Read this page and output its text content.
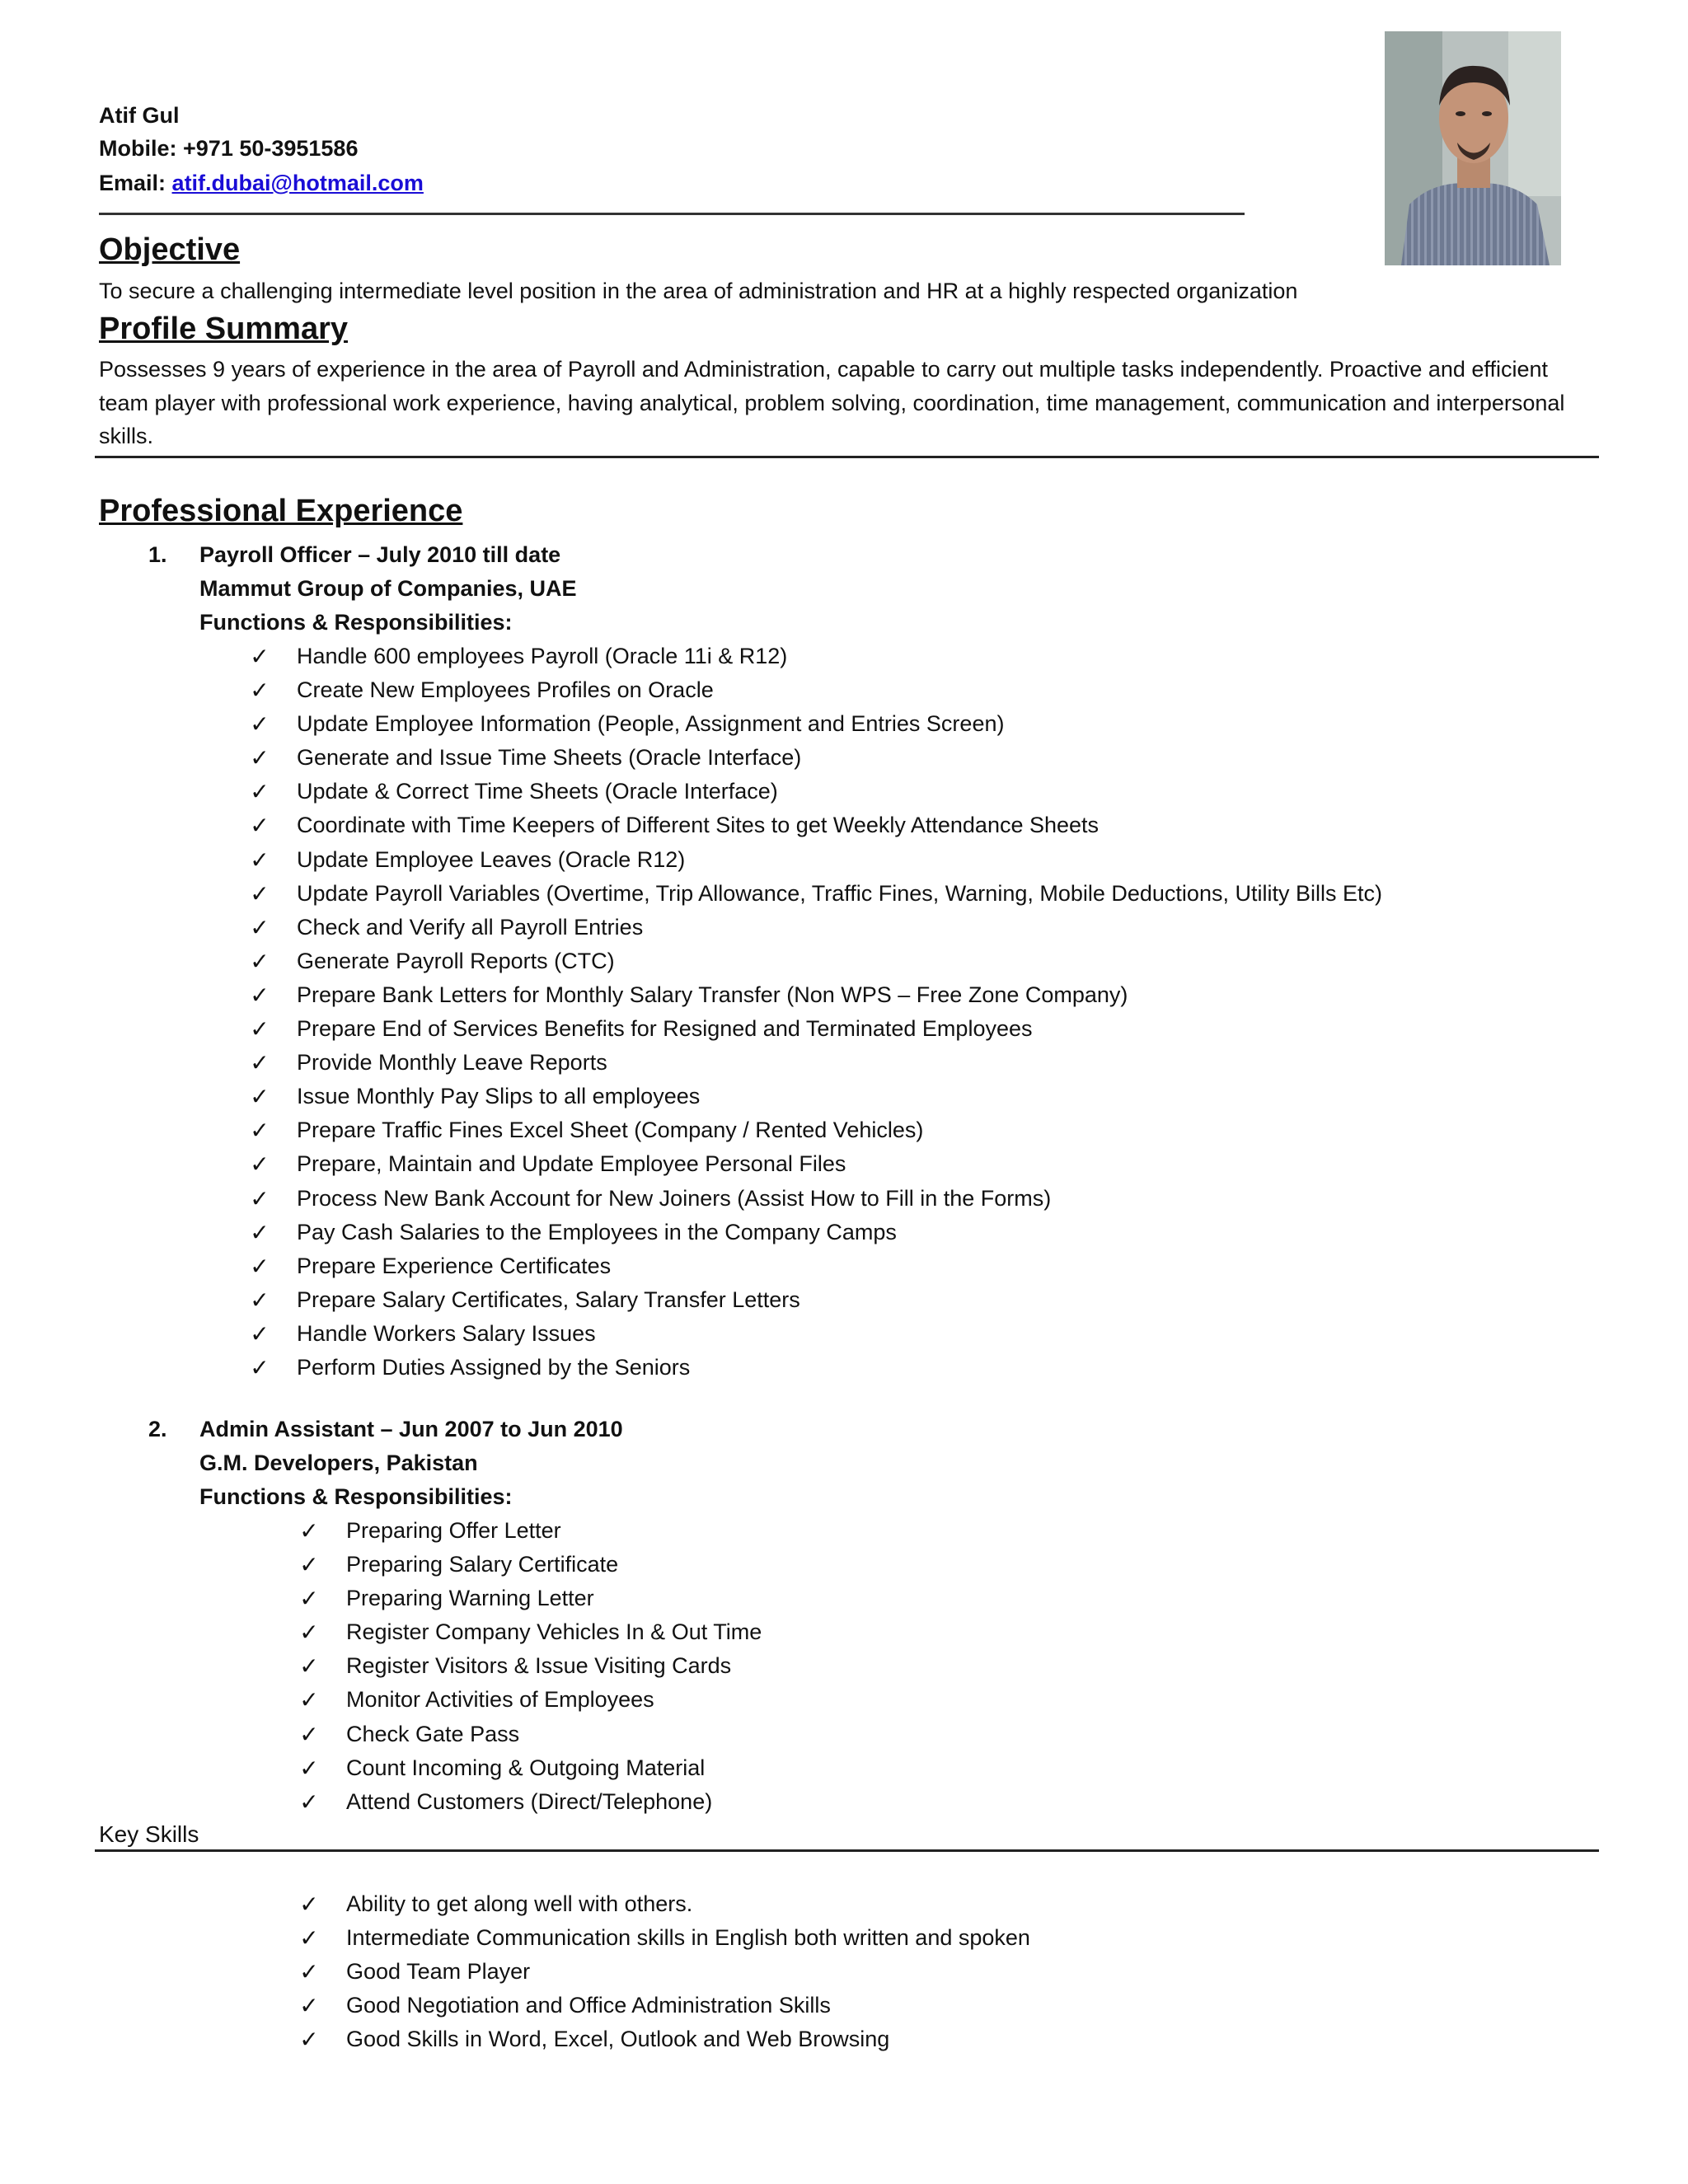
Atif Gul
Mobile: +971 50-3951586
Email: atif.dubai@hotmail.com
Objective
To secure a challenging intermediate level position in the area of administration and HR at a highly respected organization
Profile Summary
Possesses 9 years of experience in the area of Payroll and Administration, capable to carry out multiple tasks independently. Proactive and efficient team player with professional work experience, having analytical, problem solving, coordination, time management, communication and interpersonal skills.
Professional Experience
1. Payroll Officer – July 2010 till date
Mammut Group of Companies, UAE
Functions & Responsibilities:
✓ Handle 600 employees Payroll (Oracle 11i & R12)
✓ Create New Employees Profiles on Oracle
✓ Update Employee Information (People, Assignment and Entries Screen)
✓ Generate and Issue Time Sheets (Oracle Interface)
✓ Update & Correct Time Sheets (Oracle Interface)
✓ Coordinate with Time Keepers of Different Sites to get Weekly Attendance Sheets
✓ Update Employee Leaves (Oracle R12)
✓ Update Payroll Variables (Overtime, Trip Allowance, Traffic Fines, Warning, Mobile Deductions, Utility Bills Etc)
✓ Check and Verify all Payroll Entries
✓ Generate Payroll Reports (CTC)
✓ Prepare Bank Letters for Monthly Salary Transfer (Non WPS – Free Zone Company)
✓ Prepare End of Services Benefits for Resigned and Terminated Employees
✓ Provide Monthly Leave Reports
✓ Issue Monthly Pay Slips to all employees
✓ Prepare Traffic Fines Excel Sheet (Company / Rented Vehicles)
✓ Prepare, Maintain and Update Employee Personal Files
✓ Process New Bank Account for New Joiners (Assist How to Fill in the Forms)
✓ Pay Cash Salaries to the Employees in the Company Camps
✓ Prepare Experience Certificates
✓ Prepare Salary Certificates, Salary Transfer Letters
✓ Handle Workers Salary Issues
✓ Perform Duties Assigned by the Seniors
2. Admin Assistant – Jun 2007 to Jun 2010
G.M. Developers, Pakistan
Functions & Responsibilities:
✓ Preparing Offer Letter
✓ Preparing Salary Certificate
✓ Preparing Warning Letter
✓ Register Company Vehicles In & Out Time
✓ Register Visitors & Issue Visiting Cards
✓ Monitor Activities of Employees
✓ Check Gate Pass
✓ Count Incoming & Outgoing Material
✓ Attend Customers (Direct/Telephone)
Key Skills
✓ Ability to get along well with others.
✓ Intermediate Communication skills in English both written and spoken
✓ Good Team Player
✓ Good Negotiation and Office Administration Skills
✓ Good Skills in Word, Excel, Outlook and Web Browsing
